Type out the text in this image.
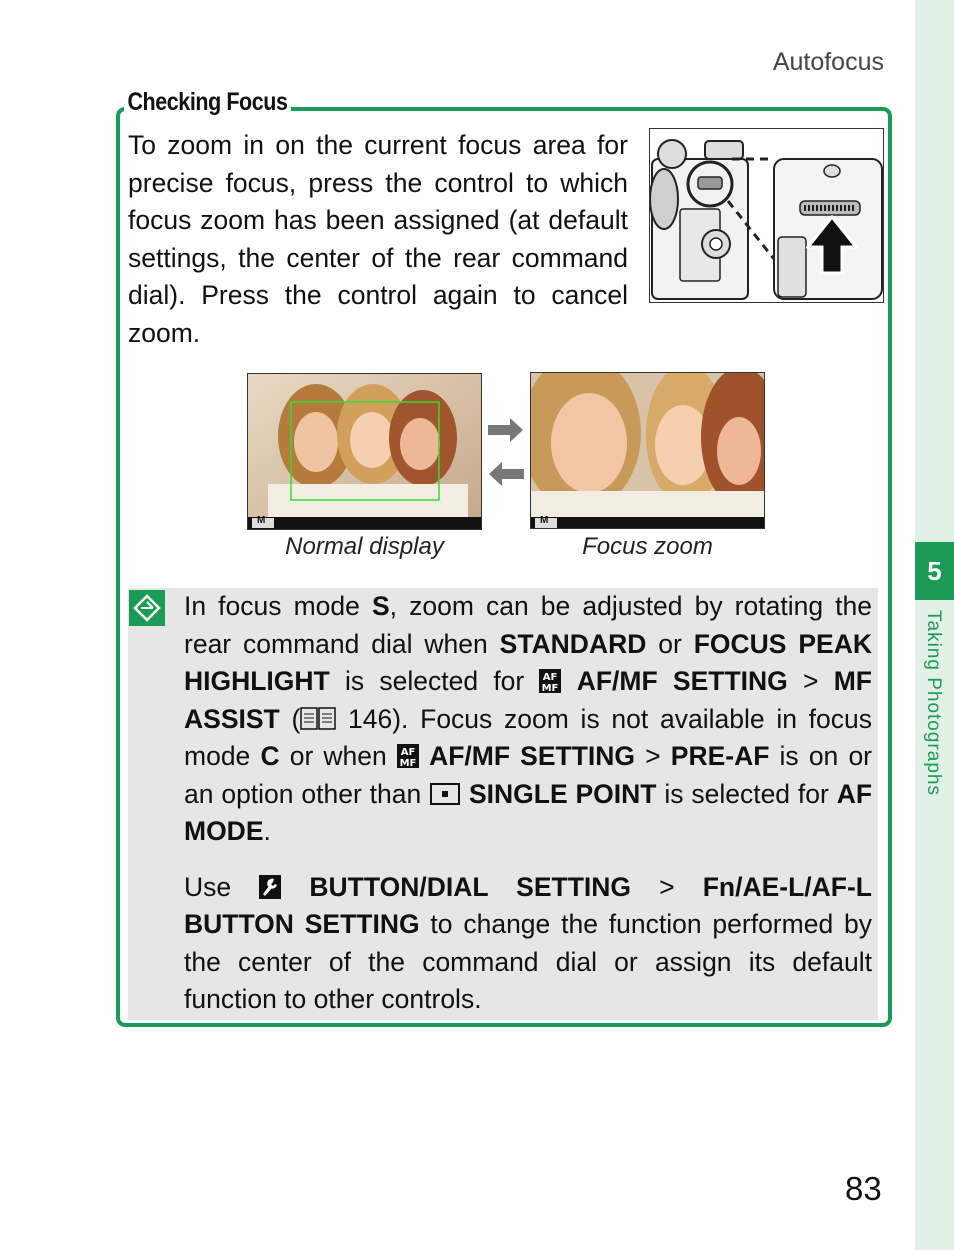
5
Taking Photographs
Autofocus
Checking Focus
To zoom in on the current focus area for precise focus, press the control to which focus zoom has been assigned (at default settings, the center of the rear command dial). Press the control again to cancel zoom.
M	M
Normal display	Focus zoom

In focus mode S, zoom can be adjusted by rotating the rear command dial when STANDARD or FOCUS PEAK HIGHLIGHT is selected for AF
MF AF/MF SETTING > MF ASSIST ( 146). Focus zoom is not available in focus mode C or when AF
MF AF/MF SETTING > PRE-AF is on or an option other than  SINGLE POINT is selected for AF MODE.

Use  BUTTON/DIAL SETTING > Fn/AE-L/AF-L BUTTON SETTING to change the function performed by the center of the command dial or assign its default function to other controls.

83
